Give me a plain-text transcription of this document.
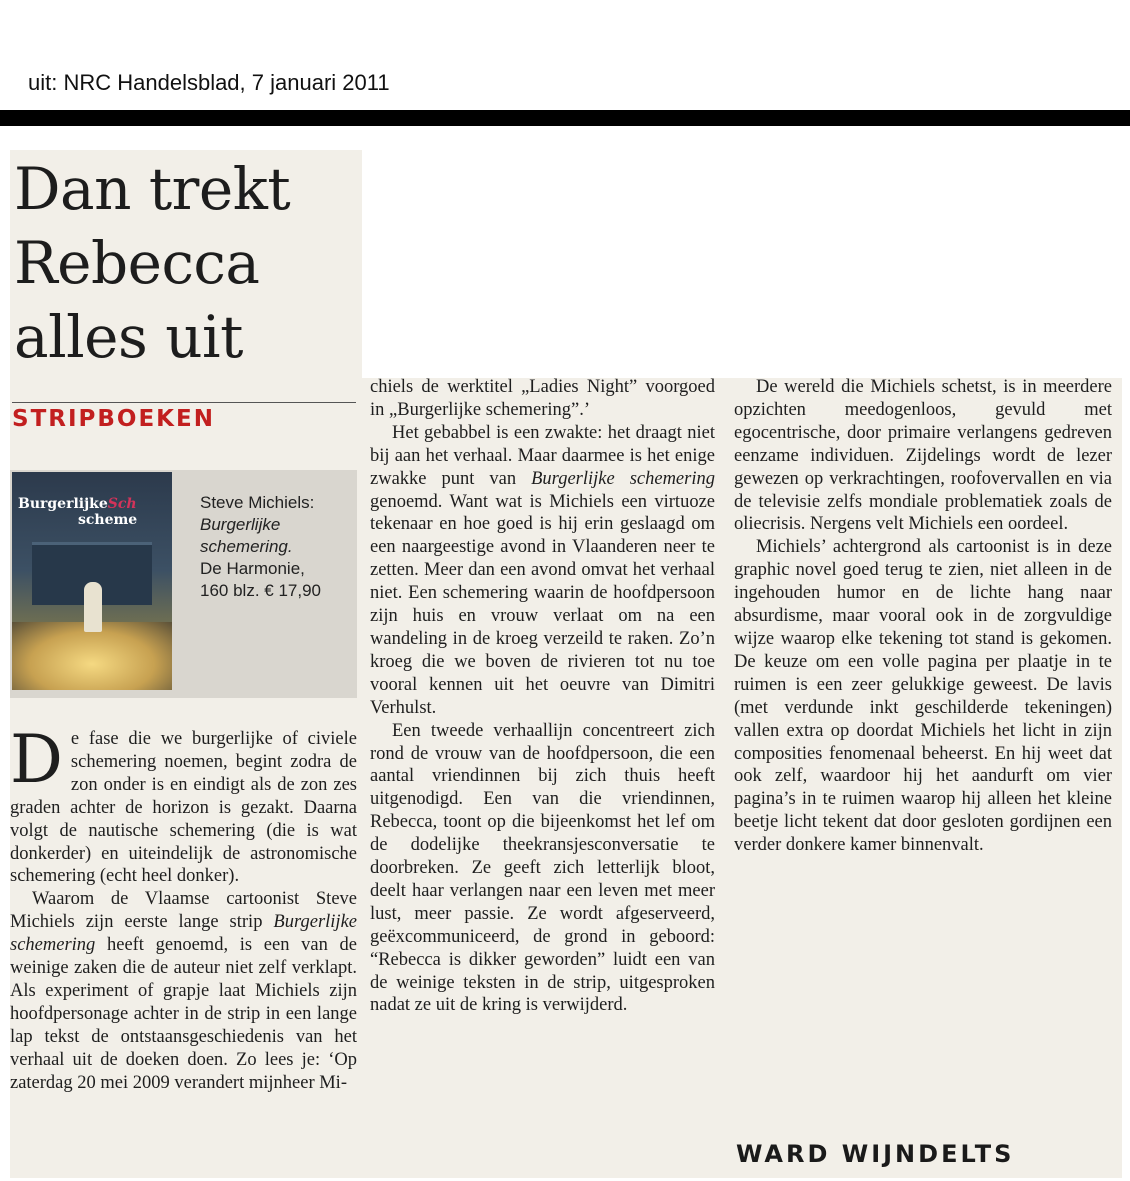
uit: NRC Handelsblad, 7 januari 2011
Dan trekt Rebecca alles uit
STRIPBOEKEN
BurgerlijkeSch
scheme
Steve Michiels:
Burgerlijke
schemering.
De Harmonie,
160 blz. € 17,90

De fase die we burgerlijke of civiele schemering noemen, begint zodra de zon onder is en eindigt als de zon zes graden achter de horizon is gezakt. Daarna volgt de nautische schemering (die is wat donkerder) en uiteindelijk de astronomische schemering (echt heel donker).

Waarom de Vlaamse cartoonist Steve Michiels zijn eerste lange strip Burgerlijke schemering heeft genoemd, is een van de weinige zaken die de auteur niet zelf verklapt. Als experiment of grapje laat Michiels zijn hoofdpersonage achter in de strip in een lange lap tekst de ontstaansgeschiedenis van het verhaal uit de doeken doen. Zo lees je: ‘Op zaterdag 20 mei 2009 verandert mijnheer Mi-

chiels de werktitel „Ladies Night” voorgoed in „Burgerlijke schemering”.’

Het gebabbel is een zwakte: het draagt niet bij aan het verhaal. Maar daarmee is het enige zwakke punt van Burgerlijke schemering genoemd. Want wat is Michiels een virtuoze tekenaar en hoe goed is hij erin geslaagd om een naargeestige avond in Vlaanderen neer te zetten. Meer dan een avond omvat het verhaal niet. Een schemering waarin de hoofdpersoon zijn huis en vrouw verlaat om na een wandeling in de kroeg verzeild te raken. Zo’n kroeg die we boven de rivieren tot nu toe vooral kennen uit het oeuvre van Dimitri Verhulst.

Een tweede verhaallijn concentreert zich rond de vrouw van de hoofdpersoon, die een aantal vriendinnen bij zich thuis heeft uitgenodigd. Een van die vriendinnen, Rebecca, toont op die bijeenkomst het lef om de dodelijke theekransjesconversatie te doorbreken. Ze geeft zich letterlijk bloot, deelt haar verlangen naar een leven met meer lust, meer passie. Ze wordt afgeserveerd, geëxcommuniceerd, de grond in geboord: “Rebecca is dikker geworden” luidt een van de weinige teksten in de strip, uitgesproken nadat ze uit de kring is verwijderd.

De wereld die Michiels schetst, is in meerdere opzichten meedogenloos, gevuld met egocentrische, door primaire verlangens gedreven eenzame individuen. Zijdelings wordt de lezer gewezen op verkrachtingen, roofovervallen en via de televisie zelfs mondiale problematiek zoals de oliecrisis. Nergens velt Michiels een oordeel.

Michiels’ achtergrond als cartoonist is in deze graphic novel goed terug te zien, niet alleen in de ingehouden humor en de lichte hang naar absurdisme, maar vooral ook in de zorgvuldige wijze waarop elke tekening tot stand is gekomen. De keuze om een volle pagina per plaatje in te ruimen is een zeer gelukkige geweest. De lavis (met verdunde inkt geschilderde tekeningen) vallen extra op doordat Michiels het licht in zijn composities fenomenaal beheerst. En hij weet dat ook zelf, waardoor hij het aandurft om vier pagina’s in te ruimen waarop hij alleen het kleine beetje licht tekent dat door gesloten gordijnen een verder donkere kamer binnenvalt.

WARD WIJNDELTS
